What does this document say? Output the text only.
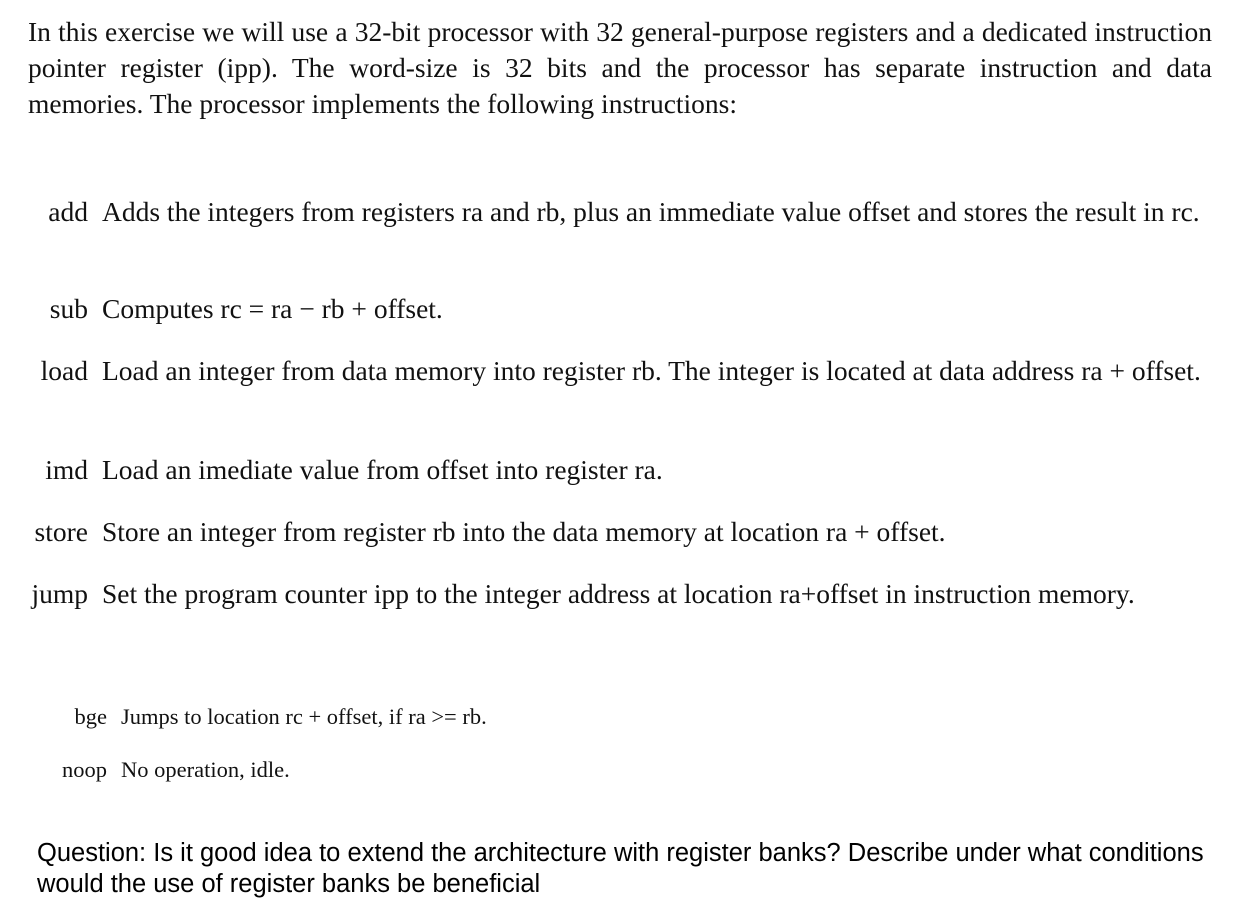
In this exercise we will use a 32-bit processor with 32 general-purpose registers and a dedicated instruction pointer register (ipp). The word-size is 32 bits and the processor has separate instruction and data memories. The processor implements the following instructions:
add Adds the integers from registers ra and rb, plus an immediate value offset and stores the result in rc.
sub Computes rc = ra − rb + offset.
load Load an integer from data memory into register rb. The integer is located at data address ra + offset.
imd Load an imediate value from offset into register ra.
store Store an integer from register rb into the data memory at location ra + offset.
jump Set the program counter ipp to the integer address at location ra+offset in instruction memory.
bge Jumps to location rc + offset, if ra >= rb.
noop No operation, idle.
Question: Is it good idea to extend the architecture with register banks? Describe under what conditions would the use of register banks be beneficial
